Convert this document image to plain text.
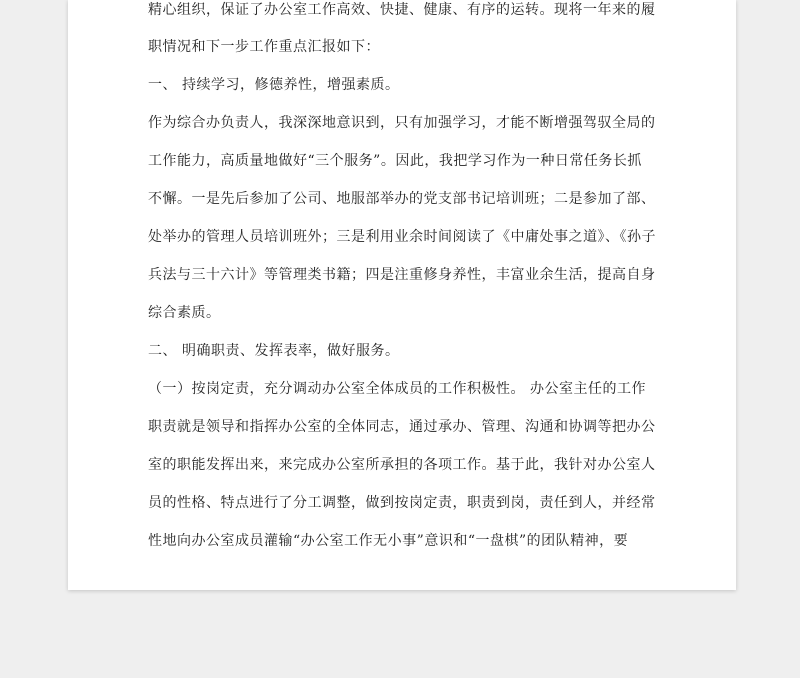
精心组织，保证了办公室工作高效、快捷、健康、有序的运转。现将一年来的履
职情况和下一步工作重点汇报如下：
一、 持续学习，修德养性，增强素质。
作为综合办负责人，我深深地意识到，只有加强学习，才能不断增强驾驭全局的
工作能力，高质量地做好“三个服务”。因此，我把学习作为一种日常任务长抓
不懈。一是先后参加了公司、地服部举办的党支部书记培训班；二是参加了部、
处举办的管理人员培训班外；三是利用业余时间阅读了《中庸处事之道》、《孙子
兵法与三十六计》等管理类书籍；四是注重修身养性，丰富业余生活，提高自身
综合素质。
二、 明确职责、发挥表率，做好服务。
（一）按岗定责，充分调动办公室全体成员的工作积极性。 办公室主任的工作
职责就是领导和指挥办公室的全体同志，通过承办、管理、沟通和协调等把办公
室的职能发挥出来，来完成办公室所承担的各项工作。基于此，我针对办公室人
员的性格、特点进行了分工调整，做到按岗定责，职责到岗，责任到人，并经常
性地向办公室成员灌输“办公室工作无小事”意识和“一盘棋”的团队精神，要
